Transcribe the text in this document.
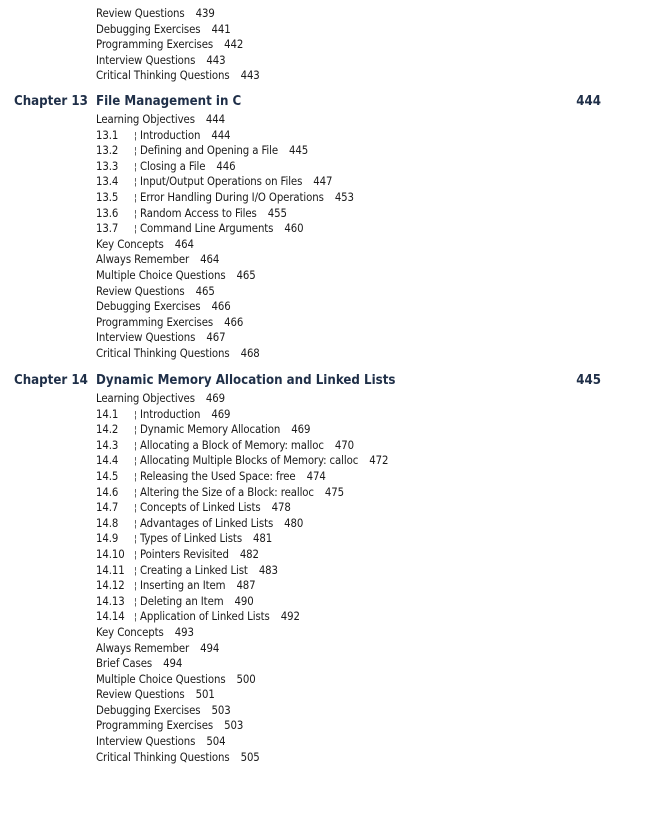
Review Questions 439
Debugging Exercises 441
Programming Exercises 442
Interview Questions 443
Critical Thinking Questions 443
Chapter 13 File Management in C	444
Learning Objectives 444
13.1 ¦ Introduction 444
13.2 ¦ Defining and Opening a File 445
13.3 ¦ Closing a File 446
13.4 ¦ Input/Output Operations on Files 447
13.5 ¦ Error Handling During I/O Operations 453
13.6 ¦ Random Access to Files 455
13.7 ¦ Command Line Arguments 460
Key Concepts 464
Always Remember 464
Multiple Choice Questions 465
Review Questions 465
Debugging Exercises 466
Programming Exercises 466
Interview Questions 467
Critical Thinking Questions 468
Chapter 14 Dynamic Memory Allocation and Linked Lists	445
Learning Objectives 469
14.1 ¦ Introduction 469
14.2 ¦ Dynamic Memory Allocation 469
14.3 ¦ Allocating a Block of Memory: malloc 470
14.4 ¦ Allocating Multiple Blocks of Memory: calloc 472
14.5 ¦ Releasing the Used Space: free 474
14.6 ¦ Altering the Size of a Block: realloc 475
14.7 ¦ Concepts of Linked Lists 478
14.8 ¦ Advantages of Linked Lists 480
14.9 ¦ Types of Linked Lists 481
14.10 ¦ Pointers Revisited 482
14.11 ¦ Creating a Linked List 483
14.12 ¦ Inserting an Item 487
14.13 ¦ Deleting an Item 490
14.14 ¦ Application of Linked Lists 492
Key Concepts 493
Always Remember 494
Brief Cases 494
Multiple Choice Questions 500
Review Questions 501
Debugging Exercises 503
Programming Exercises 503
Interview Questions 504
Critical Thinking Questions 505
